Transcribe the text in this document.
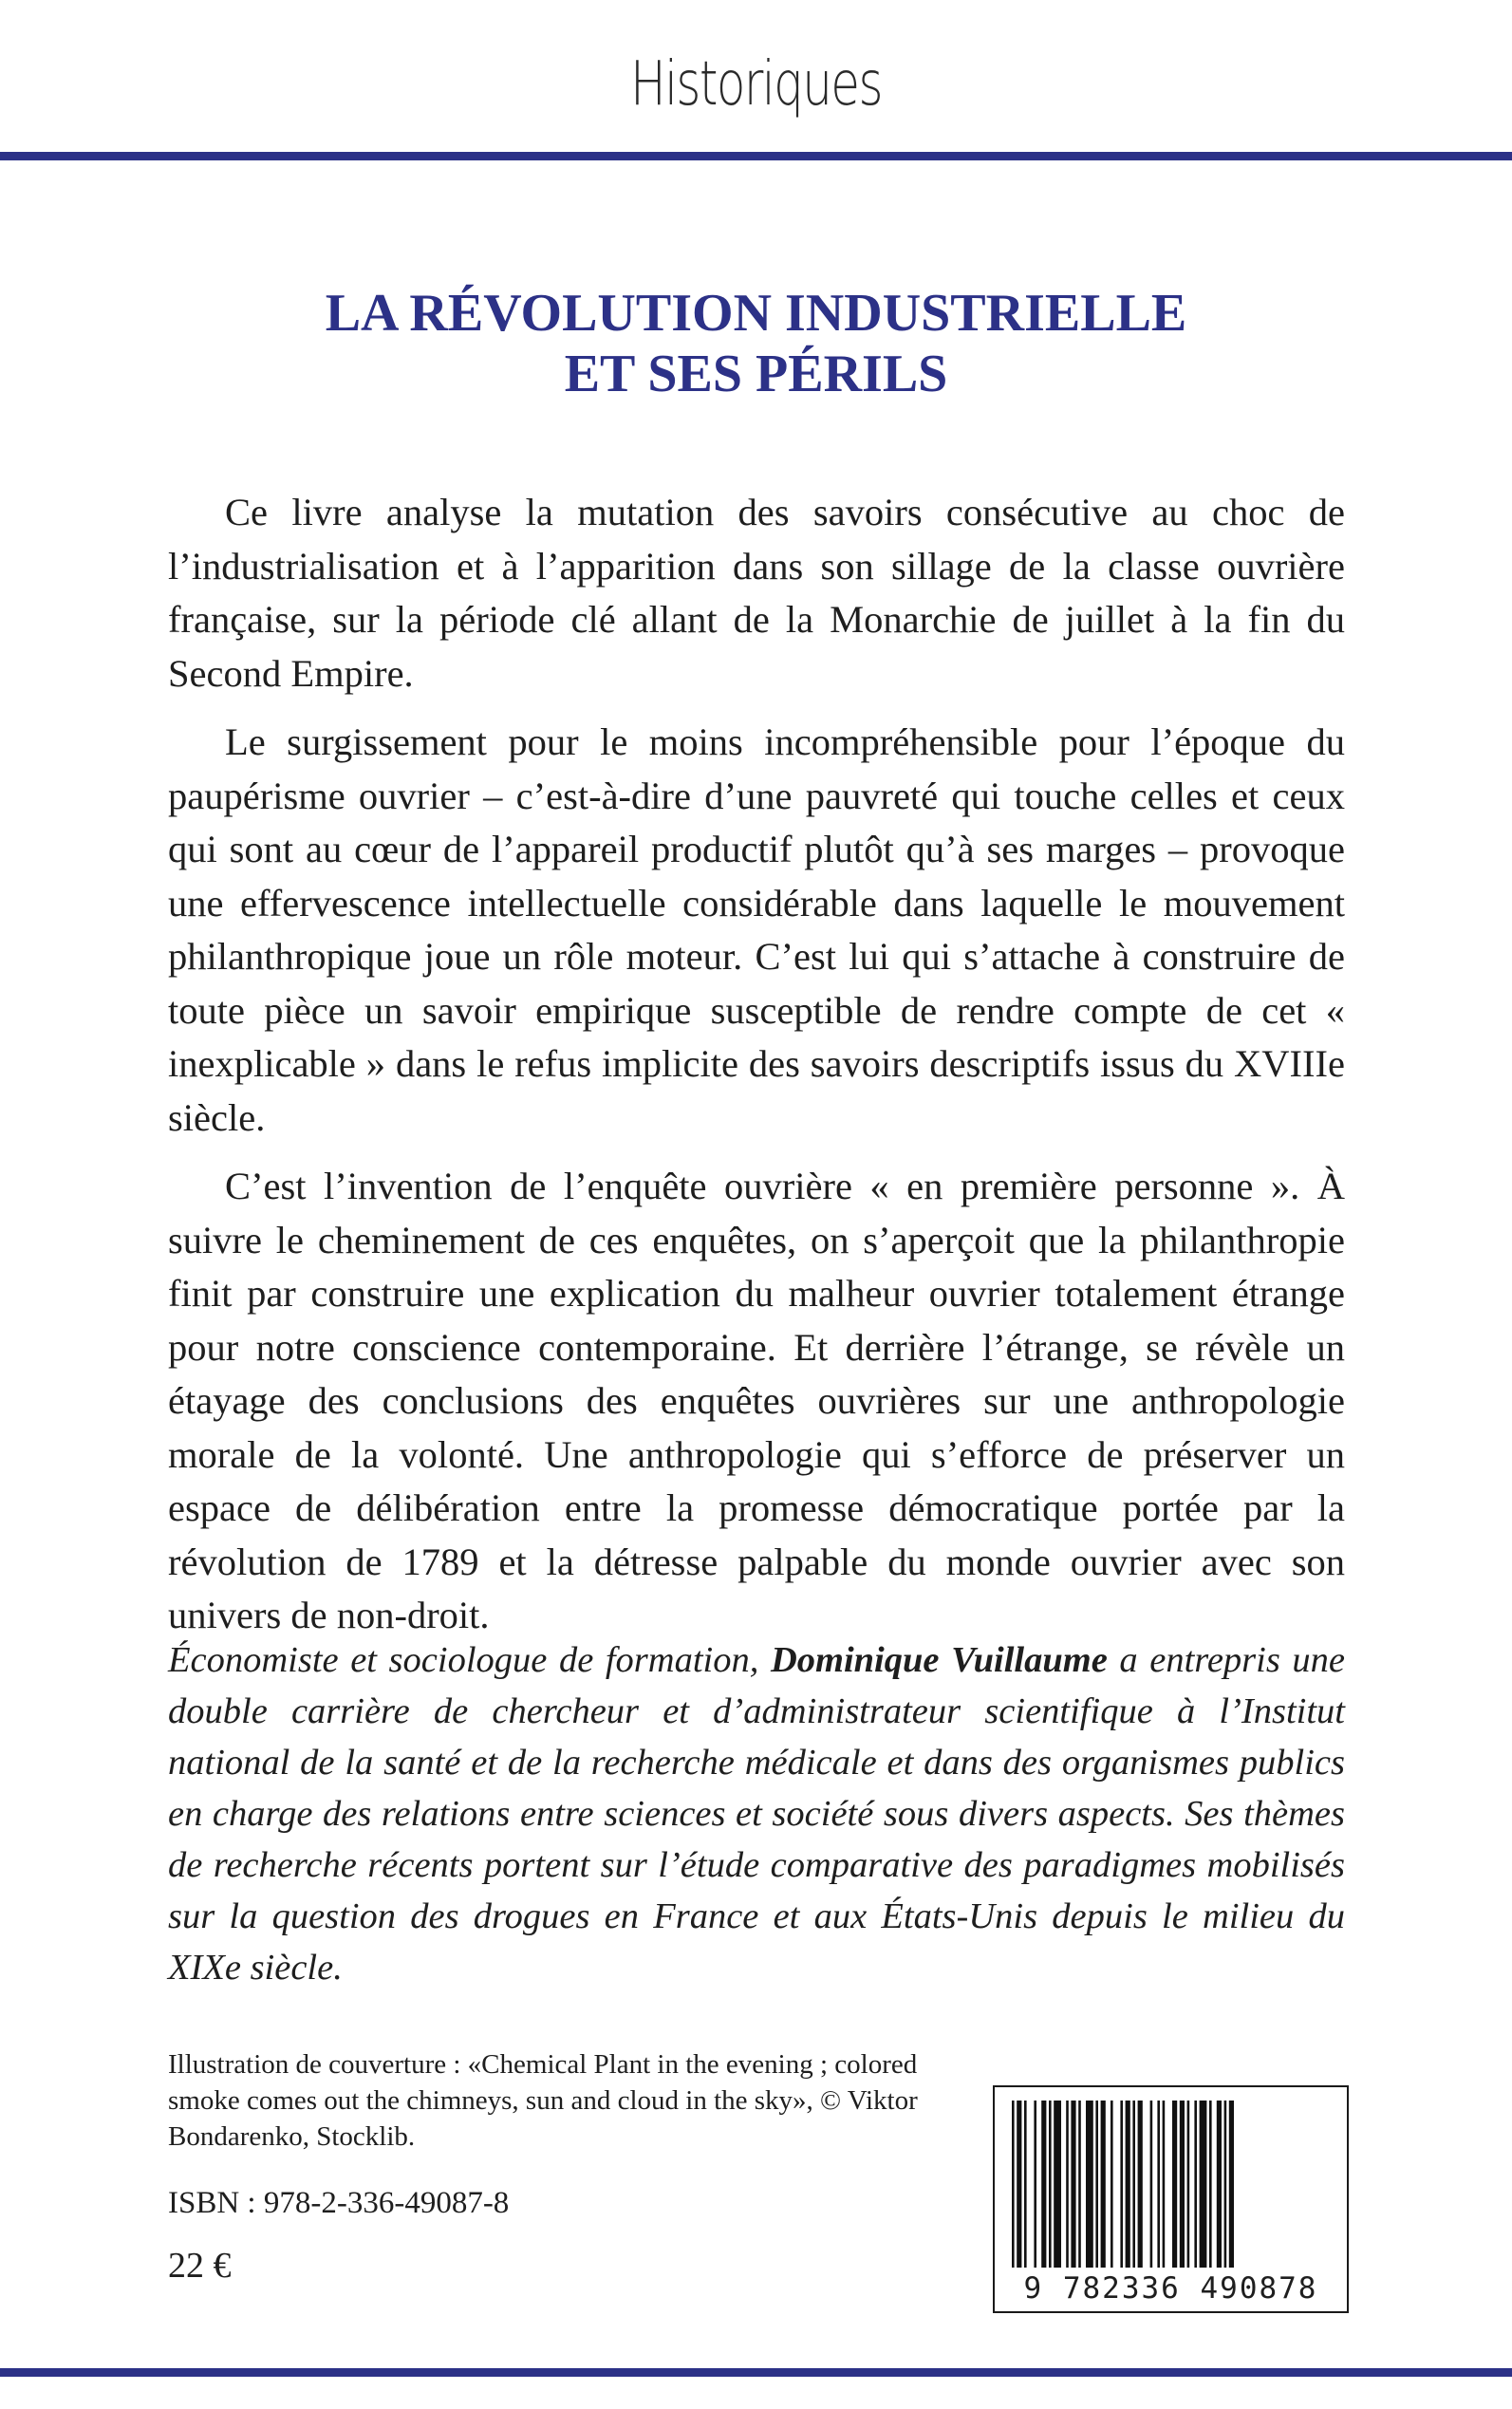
Historiques
LA RÉVOLUTION INDUSTRIELLE
ET SES PÉRILS

Ce livre analyse la mutation des savoirs consécutive au choc de l’industrialisation et à l’apparition dans son sillage de la classe ouvrière française, sur la période clé allant de la Monarchie de juillet à la fin du Second Empire.

Le surgissement pour le moins incompréhensible pour l’époque du paupérisme ouvrier – c’est-à-dire d’une pauvreté qui touche celles et ceux qui sont au cœur de l’appareil productif plutôt qu’à ses marges – provoque une effervescence intellectuelle considérable dans laquelle le mouvement philanthropique joue un rôle moteur. C’est lui qui s’attache à construire de toute pièce un savoir empirique susceptible de rendre compte de cet « inexplicable » dans le refus implicite des savoirs descriptifs issus du XVIIIe siècle.

C’est l’invention de l’enquête ouvrière « en première personne ». À suivre le cheminement de ces enquêtes, on s’aperçoit que la philanthropie finit par construire une explication du malheur ouvrier totalement étrange pour notre conscience contemporaine. Et derrière l’étrange, se révèle un étayage des conclusions des enquêtes ouvrières sur une anthropologie morale de la volonté. Une anthropologie qui s’efforce de préserver un espace de délibération entre la promesse démocratique portée par la révolution de 1789 et la détresse palpable du monde ouvrier avec son univers de non-droit.

Économiste et sociologue de formation, Dominique Vuillaume a entrepris une double carrière de chercheur et d’administrateur scientifique à l’Institut national de la santé et de la recherche médicale et dans des organismes publics en charge des relations entre sciences et société sous divers aspects. Ses thèmes de recherche récents portent sur l’étude comparative des paradigmes mobilisés sur la question des drogues en France et aux États-Unis depuis le milieu du XIXe siècle.

Illustration de couverture : «Chemical Plant in the evening ; colored smoke comes out the chimneys, sun and cloud in the sky», © Viktor Bondarenko, Stocklib.
ISBN : 978-2-336-49087-8
22 €
9 782336 490878
